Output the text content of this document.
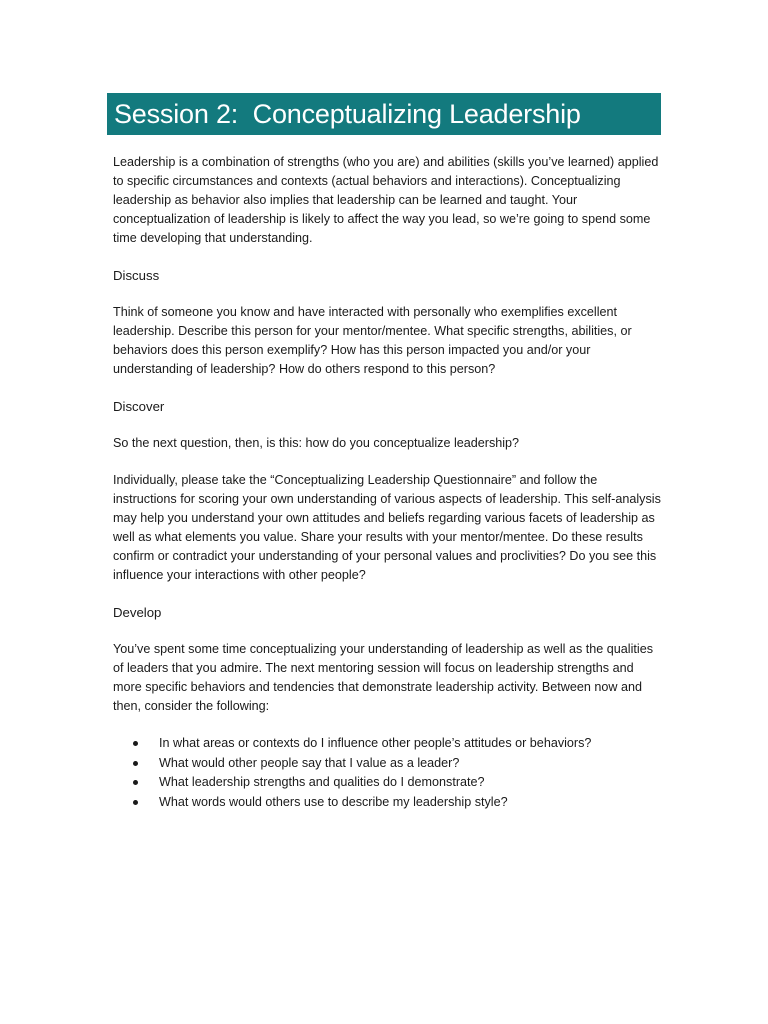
Session 2:  Conceptualizing Leadership

Leadership is a combination of strengths (who you are) and abilities (skills you’ve learned) applied to specific circumstances and contexts (actual behaviors and interactions). Conceptualizing leadership as behavior also implies that leadership can be learned and taught. Your conceptualization of leadership is likely to affect the way you lead, so we’re going to spend some time developing that understanding.

Discuss

Think of someone you know and have interacted with personally who exemplifies excellent leadership. Describe this person for your mentor/mentee. What specific strengths, abilities, or behaviors does this person exemplify? How has this person impacted you and/or your understanding of leadership? How do others respond to this person?

Discover

So the next question, then, is this: how do you conceptualize leadership?

Individually, please take the “Conceptualizing Leadership Questionnaire” and follow the instructions for scoring your own understanding of various aspects of leadership. This self-analysis may help you understand your own attitudes and beliefs regarding various facets of leadership as well as what elements you value. Share your results with your mentor/mentee. Do these results confirm or contradict your understanding of your personal values and proclivities? Do you see this influence your interactions with other people?

Develop

You’ve spent some time conceptualizing your understanding of leadership as well as the qualities of leaders that you admire. The next mentoring session will focus on leadership strengths and more specific behaviors and tendencies that demonstrate leadership activity. Between now and then, consider the following:

In what areas or contexts do I influence other people’s attitudes or behaviors?
What would other people say that I value as a leader?
What leadership strengths and qualities do I demonstrate?
What words would others use to describe my leadership style?
